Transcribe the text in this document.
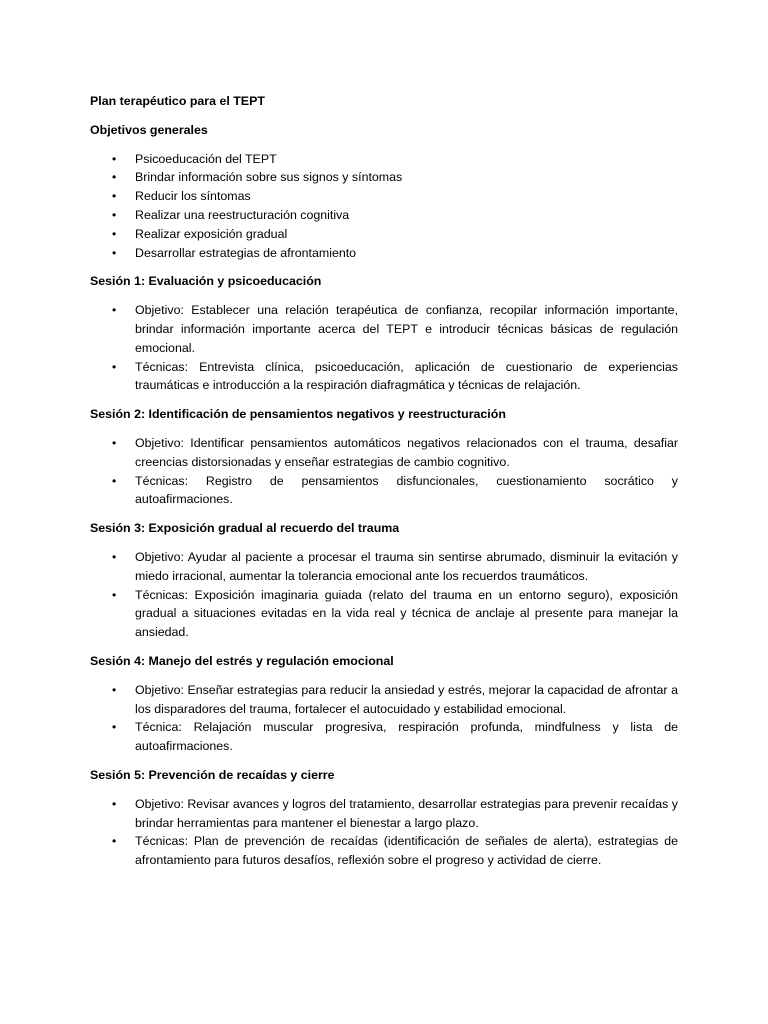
Plan terapéutico para el TEPT
Objetivos generales
• Psicoeducación del TEPT
• Brindar información sobre sus signos y síntomas
• Reducir los síntomas
• Realizar una reestructuración cognitiva
• Realizar exposición gradual
• Desarrollar estrategias de afrontamiento
Sesión 1: Evaluación y psicoeducación
• Objetivo: Establecer una relación terapéutica de confianza, recopilar información importante, brindar información importante acerca del TEPT e introducir técnicas básicas de regulación emocional.
• Técnicas: Entrevista clínica, psicoeducación, aplicación de cuestionario de experiencias traumáticas e introducción a la respiración diafragmática y técnicas de relajación.
Sesión 2: Identificación de pensamientos negativos y reestructuración
• Objetivo: Identificar pensamientos automáticos negativos relacionados con el trauma, desafiar creencias distorsionadas y enseñar estrategias de cambio cognitivo.
• Técnicas: Registro de pensamientos disfuncionales, cuestionamiento socrático y autoafirmaciones.
Sesión 3: Exposición gradual al recuerdo del trauma
• Objetivo: Ayudar al paciente a procesar el trauma sin sentirse abrumado, disminuir la evitación y miedo irracional, aumentar la tolerancia emocional ante los recuerdos traumáticos.
• Técnicas: Exposición imaginaria guiada (relato del trauma en un entorno seguro), exposición gradual a situaciones evitadas en la vida real y técnica de anclaje al presente para manejar la ansiedad.
Sesión 4: Manejo del estrés y regulación emocional
• Objetivo: Enseñar estrategias para reducir la ansiedad y estrés, mejorar la capacidad de afrontar a los disparadores del trauma, fortalecer el autocuidado y estabilidad emocional.
• Técnica: Relajación muscular progresiva, respiración profunda, mindfulness y lista de autoafirmaciones.
Sesión 5: Prevención de recaídas y cierre
• Objetivo: Revisar avances y logros del tratamiento, desarrollar estrategias para prevenir recaídas y brindar herramientas para mantener el bienestar a largo plazo.
• Técnicas: Plan de prevención de recaídas (identificación de señales de alerta), estrategias de afrontamiento para futuros desafíos, reflexión sobre el progreso y actividad de cierre.
